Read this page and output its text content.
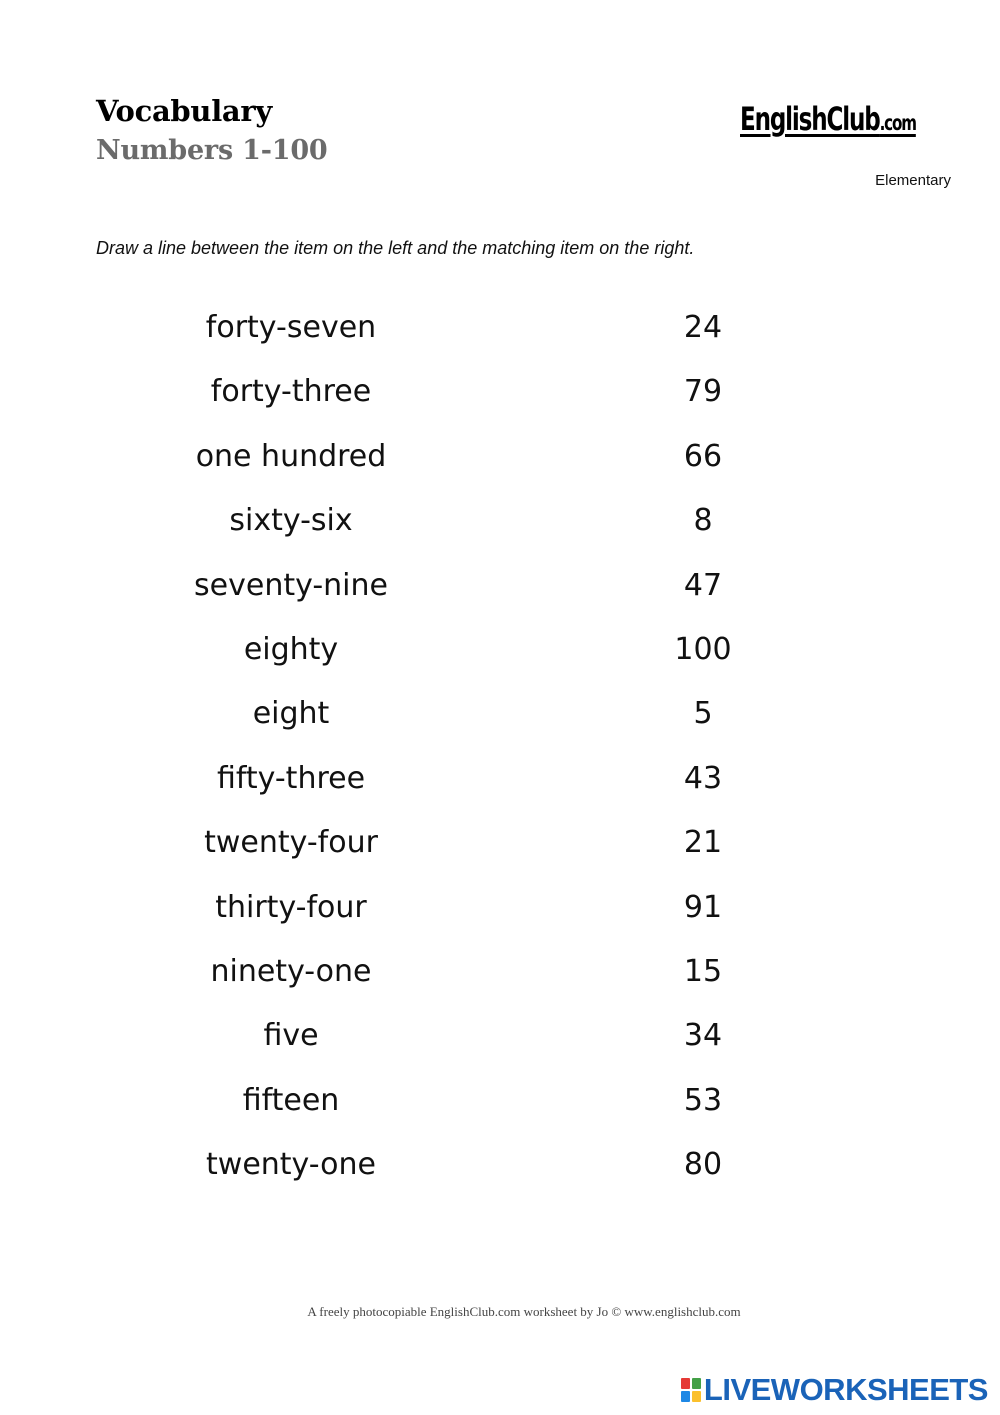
Vocabulary
Numbers 1-100
EnglishClub.com
Elementary
Draw a line between the item on the left and the matching item on the right.
forty-seven	24
forty-three	79
one hundred	66
sixty-six	8
seventy-nine	47
eighty	100
eight	5
fifty-three	43
twenty-four	21
thirty-four	91
ninety-one	15
five	34
fifteen	53
twenty-one	80
A freely photocopiable EnglishClub.com worksheet by Jo © www.englishclub.com
LIVEWORKSHEETS
